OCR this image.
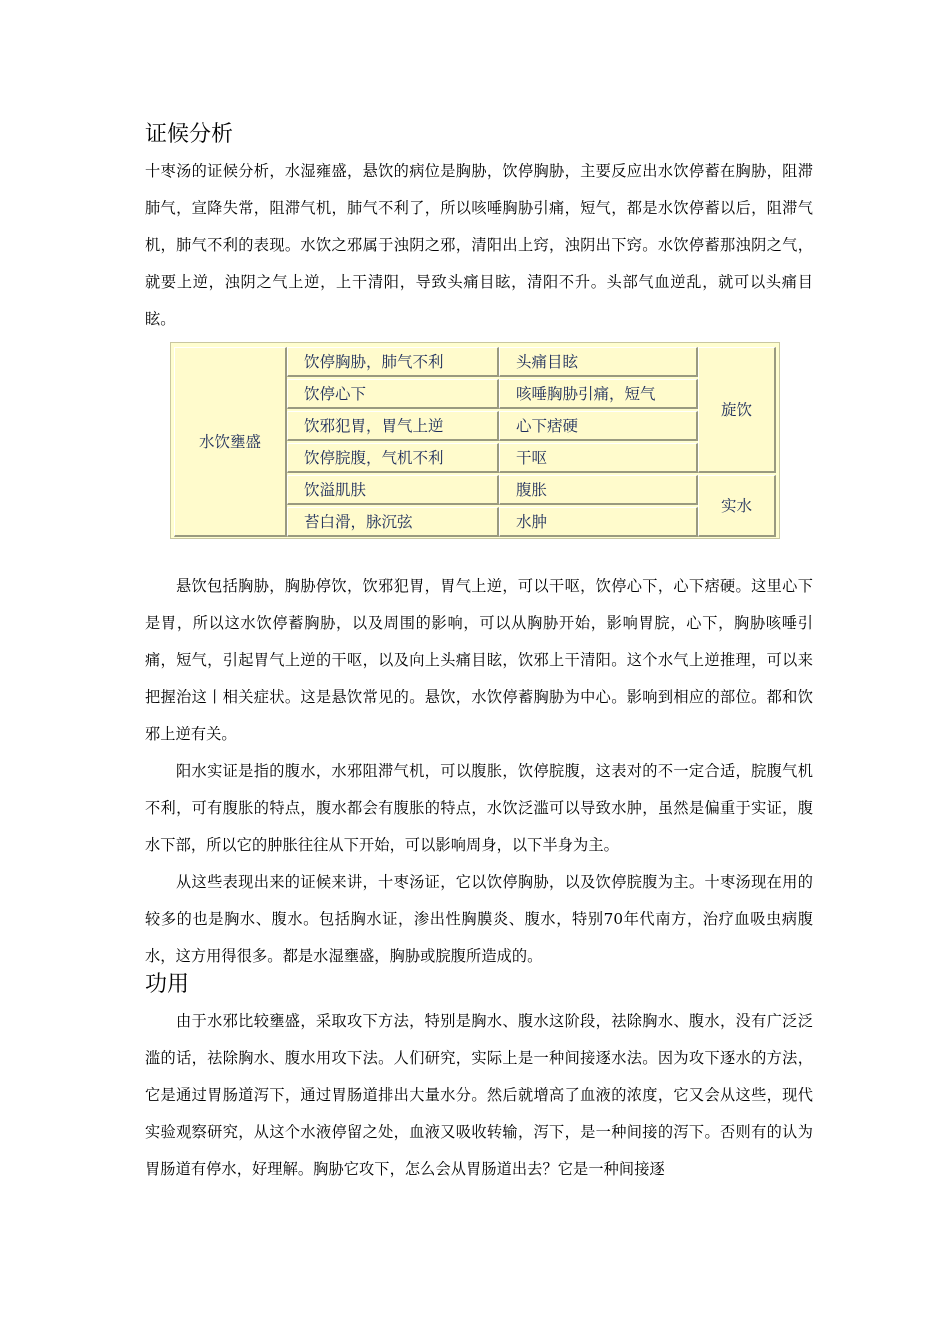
证候分析

十枣汤的证候分析，水湿雍盛，悬饮的病位是胸胁，饮停胸胁，主要反应出水饮停蓄在胸胁，阻滞肺气，宣降失常，阻滞气机，肺气不利了，所以咳唾胸胁引痛，短气，都是水饮停蓄以后，阻滞气机，肺气不利的表现。水饮之邪属于浊阴之邪，清阳出上窍，浊阴出下窍。水饮停蓄那浊阴之气，就要上逆，浊阴之气上逆，上干清阳，导致头痛目眩，清阳不升。头部气血逆乱，就可以头痛目眩。

水饮壅盛
饮停胸胁，肺气不利	头痛目眩
饮停心下	咳唾胸胁引痛，短气
饮邪犯胃，胃气上逆	心下痞硬
饮停脘腹，气机不利	干呕
饮溢肌肤	腹胀
苔白滑，脉沉弦	水肿
旋饮
实水

悬饮包括胸胁，胸胁停饮，饮邪犯胃，胃气上逆，可以干呕，饮停心下，心下痞硬。这里心下是胃，所以这水饮停蓄胸胁，以及周围的影响，可以从胸胁开始，影响胃脘，心下，胸胁咳唾引痛，短气，引起胃气上逆的干呕，以及向上头痛目眩，饮邪上干清阳。这个水气上逆推理，可以来把握治这丨相关症状。这是悬饮常见的。悬饮，水饮停蓄胸胁为中心。影响到相应的部位。都和饮邪上逆有关。

阳水实证是指的腹水，水邪阻滞气机，可以腹胀，饮停脘腹，这表对的不一定合适，脘腹气机不利，可有腹胀的特点，腹水都会有腹胀的特点，水饮泛滥可以导致水肿，虽然是偏重于实证，腹水下部，所以它的肿胀往往从下开始，可以影响周身，以下半身为主。

从这些表现出来的证候来讲，十枣汤证，它以饮停胸胁，以及饮停脘腹为主。十枣汤现在用的较多的也是胸水、腹水。包括胸水证，渗出性胸膜炎、腹水，特别70年代南方，治疗血吸虫病腹水，这方用得很多。都是水湿壅盛，胸胁或脘腹所造成的。

功用

由于水邪比较壅盛，采取攻下方法，特别是胸水、腹水这阶段，祛除胸水、腹水，没有广泛泛滥的话，祛除胸水、腹水用攻下法。人们研究，实际上是一种间接逐水法。因为攻下逐水的方法，它是通过胃肠道泻下，通过胃肠道排出大量水分。然后就增高了血液的浓度，它又会从这些，现代实验观察研究，从这个水液停留之处，血液又吸收转输，泻下，是一种间接的泻下。否则有的认为胃肠道有停水，好理解。胸胁它攻下，怎么会从胃肠道出去？它是一种间接逐
